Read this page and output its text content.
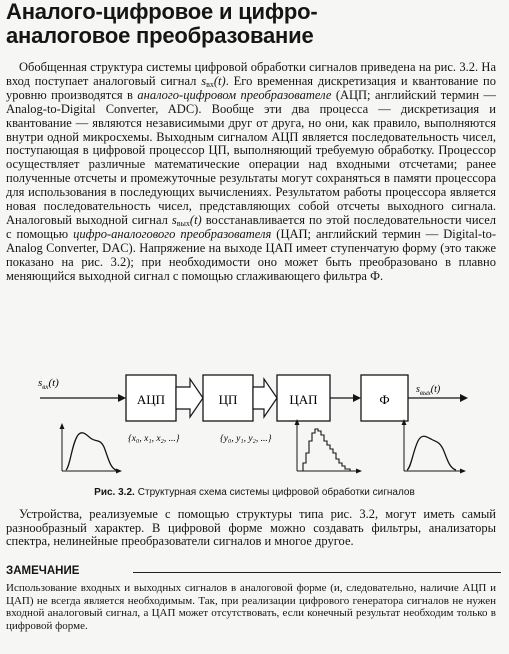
Аналого-цифровое и цифро-
аналоговое преобразование

Обобщенная структура системы цифровой обработки сигналов приведена на рис. 3.2. На вход поступает аналоговый сигнал $s_{вх}(t)$. Его временная дискретизация и квантование по уровню производятся в аналого-цифровом преобразователе (АЦП; английский термин — Analog-to-Digital Converter, ADC). Вообще эти два процесса — дискретизация и квантование — являются независимыми друг от друга, но они, как правило, выполняются внутри одной микросхемы. Выходным сигналом АЦП является последовательность чисел, поступающая в цифровой процессор ЦП, выполняющий требуемую обработку. Процессор осуществляет различные математические операции над входными отсчетами; ранее полученные отсчеты и промежуточные результаты могут сохраняться в памяти процессора для использования в последующих вычислениях. Результатом работы процессора является новая последовательность чисел, представляющих собой отсчеты выходного сигнала. Аналоговый выходной сигнал $s_{вых}(t)$ восстанавливается по этой последовательности чисел с помощью цифро-аналогового преобразователя (ЦАП; английский термин — Digital-to-Analog Converter, DAC). Напряжение на выходе ЦАП имеет ступенчатую форму (это также показано на рис. 3.2); при необходимости оно может быть преобразовано в плавно меняющийся выходной сигнал с помощью сглаживающего фильтра Ф.

$s_{вх}(t)$
АЦП	ЦП	ЦАП	Ф
$s_{вых}(t)$
{x₀, x₁, x₂, ...}	{y₀, y₁, y₂, ...}
Рис. 3.2. Структурная схема системы цифровой обработки сигналов

Устройства, реализуемые с помощью структуры типа рис. 3.2, могут иметь самый разнообразный характер. В цифровой форме можно создавать фильтры, анализаторы спектра, нелинейные преобразователи сигналов и многое другое.

ЗАМЕЧАНИЕ
Использование входных и выходных сигналов в аналоговой форме (и, следовательно, наличие АЦП и ЦАП) не всегда является необходимым. Так, при реализации цифрового генератора сигналов не нужен входной аналоговый сигнал, а ЦАП может отсутствовать, если конечный результат необходим только в цифровой форме.
